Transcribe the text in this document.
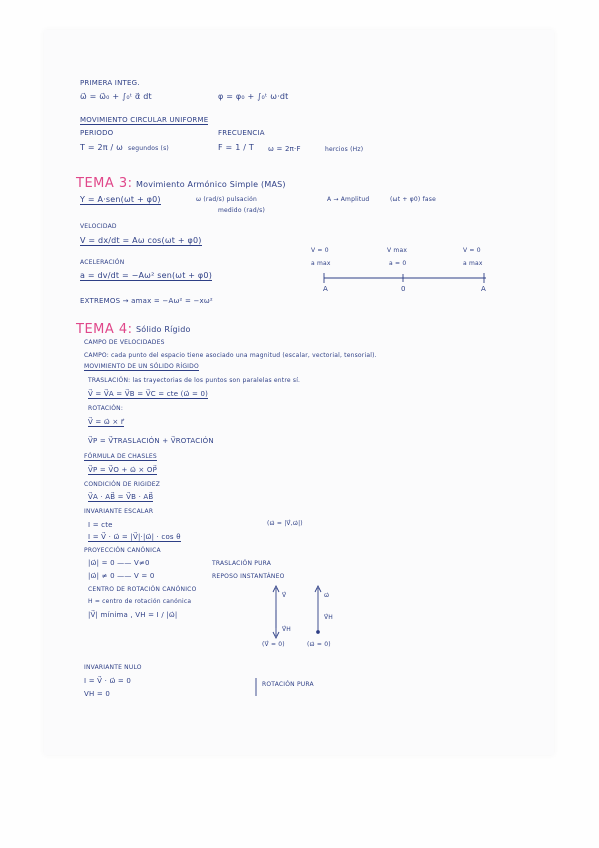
PRIMERA INTEG.
ω⃗ = ω⃗₀ + ∫₀ᵗ α⃗ dt	φ = φ₀ + ∫₀ᵗ ω·dt
MOVIMIENTO CIRCULAR UNIFORME
PERIODO
T = 2π / ω segundos (s)
FRECUENCIA
F = 1 / T ω = 2π·F	hercios (Hz)
TEMA 3: Movimiento Armónico Simple (MAS)
Y = A·sen(ωt + φ0)	ω (rad/s) pulsación
medido (rad/s)
A → Amplitud	(ωt + φ0) fase
VELOCIDAD
V = dx/dt = Aω cos(ωt + φ0)
ACELERACIÓN
a = dv/dt = −Aω² sen(ωt + φ0)
EXTREMOS → amax = −Aω² = −xω²
V = 0
a max
V max
a = 0
V = 0
a max
A	0	A
TEMA 4: Sólido Rígido
CAMPO DE VELOCIDADES
CAMPO: cada punto del espacio tiene asociado una magnitud (escalar, vectorial, tensorial).
MOVIMIENTO DE UN SÓLIDO RÍGIDO
TRASLACIÓN: las trayectorias de los puntos son paralelas entre sí.
V⃗ = V⃗A = V⃗B = V⃗C = cte (ω⃗ = 0)
ROTACIÓN:
V⃗ = ω⃗ × r⃗
V⃗P = V⃗TRASLACIÓN + V⃗ROTACIÓN
FÓRMULA DE CHASLES
V⃗P = V⃗O + ω⃗ × OP⃗
CONDICIÓN DE RIGIDEZ
V⃗A · AB⃗ = V⃗B · AB⃗
INVARIANTE ESCALAR
I = cte	(ω⃗ = |V⃗,ω⃗|)
I = V⃗ · ω⃗ = |V⃗|·|ω⃗| · cos θ
PROYECCIÓN CANÓNICA
|ω⃗| = 0 —— V≠0	TRASLACIÓN PURA
|ω⃗| ≠ 0 —— V = 0	REPOSO INSTANTÁNEO
CENTRO DE ROTACIÓN CANÓNICO
H = centro de rotación canónica
|V⃗| mínima , VH = I / |ω⃗|
V⃗
V⃗H
ω⃗
V⃗H
(V⃗ = 0)	(ω⃗ = 0)
INVARIANTE NULO
I = V⃗ · ω⃗ = 0
VH = 0
ROTACIÓN PURA
